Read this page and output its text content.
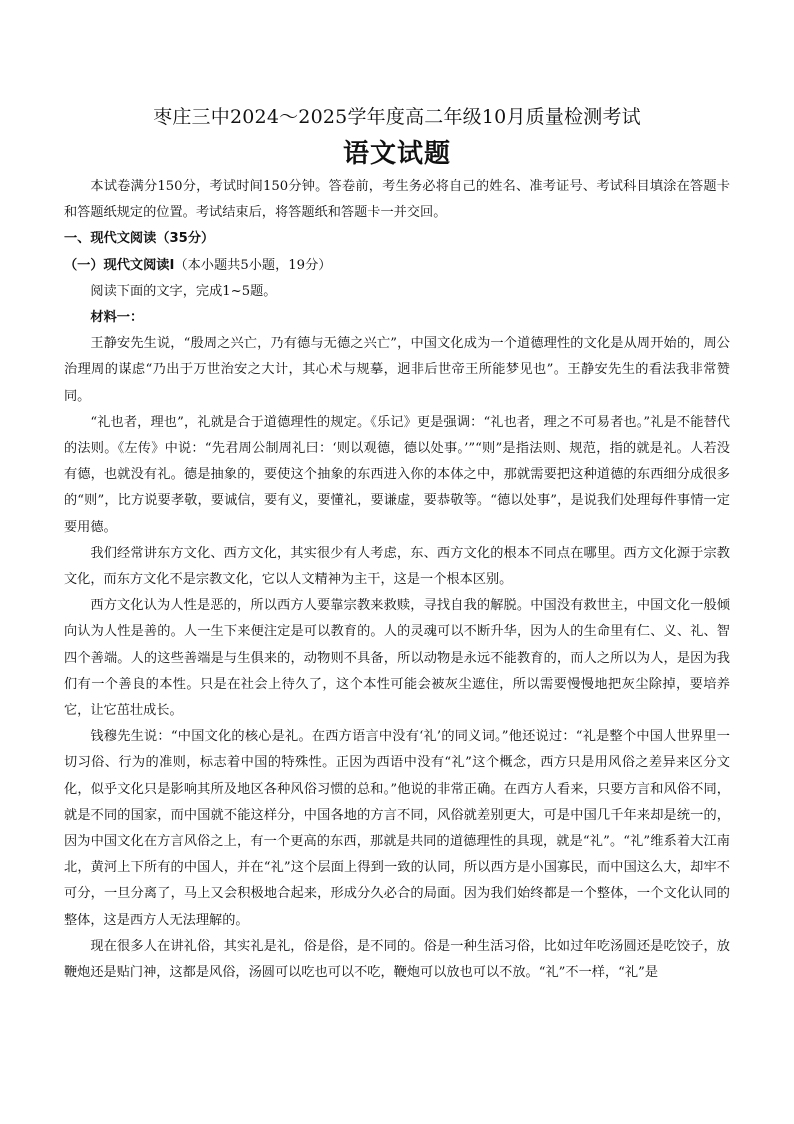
枣庄三中2024～2025学年度高二年级10月质量检测考试
语文试题

本试卷满分150分，考试时间150分钟。答卷前，考生务必将自己的姓名、准考证号、考试科目填涂在答题卡和答题纸规定的位置。考试结束后，将答题纸和答题卡一并交回。

一、现代文阅读（35分）

（一）现代文阅读Ⅰ（本小题共5小题，19分）

阅读下面的文字，完成1~5题。

材料一：

王静安先生说，“殷周之兴亡，乃有德与无德之兴亡”，中国文化成为一个道德理性的文化是从周开始的，周公治理周的谋虑“乃出于万世治安之大计，其心术与规摹，迥非后世帝王所能梦见也”。王静安先生的看法我非常赞同。

“礼也者，理也”，礼就是合于道德理性的规定。《乐记》更是强调：“礼也者，理之不可易者也。”礼是不能替代的法则。《左传》中说：“先君周公制周礼曰：‘则以观德，德以处事。’”“则”是指法则、规范，指的就是礼。人若没有德，也就没有礼。德是抽象的，要使这个抽象的东西进入你的本体之中，那就需要把这种道德的东西细分成很多的“则”，比方说要孝敬，要诚信，要有义，要懂礼，要谦虚，要恭敬等。“德以处事”，是说我们处理每件事情一定要用德。

我们经常讲东方文化、西方文化，其实很少有人考虑，东、西方文化的根本不同点在哪里。西方文化源于宗教文化，而东方文化不是宗教文化，它以人文精神为主干，这是一个根本区别。

西方文化认为人性是恶的，所以西方人要靠宗教来救赎，寻找自我的解脱。中国没有救世主，中国文化一般倾向认为人性是善的。人一生下来便注定是可以教育的。人的灵魂可以不断升华，因为人的生命里有仁、义、礼、智四个善端。人的这些善端是与生俱来的，动物则不具备，所以动物是永远不能教育的，而人之所以为人，是因为我们有一个善良的本性。只是在社会上待久了，这个本性可能会被灰尘遮住，所以需要慢慢地把灰尘除掉，要培养它，让它茁壮成长。

钱穆先生说：“中国文化的核心是礼。在西方语言中没有‘礼’的同义词。”他还说过：“礼是整个中国人世界里一切习俗、行为的准则，标志着中国的特殊性。正因为西语中没有“礼”这个概念，西方只是用风俗之差异来区分文化，似乎文化只是影响其所及地区各种风俗习惯的总和。”他说的非常正确。在西方人看来，只要方言和风俗不同，就是不同的国家，而中国就不能这样分，中国各地的方言不同，风俗就差别更大，可是中国几千年来却是统一的，因为中国文化在方言风俗之上，有一个更高的东西，那就是共同的道德理性的具现，就是“礼”。“礼”维系着大江南北，黄河上下所有的中国人，并在“礼”这个层面上得到一致的认同，所以西方是小国寡民，而中国这么大，却牢不可分，一旦分离了，马上又会积极地合起来，形成分久必合的局面。因为我们始终都是一个整体，一个文化认同的整体，这是西方人无法理解的。

现在很多人在讲礼俗，其实礼是礼，俗是俗，是不同的。俗是一种生活习俗，比如过年吃汤圆还是吃饺子，放鞭炮还是贴门神，这都是风俗，汤圆可以吃也可以不吃，鞭炮可以放也可以不放。“礼”不一样，“礼”是
